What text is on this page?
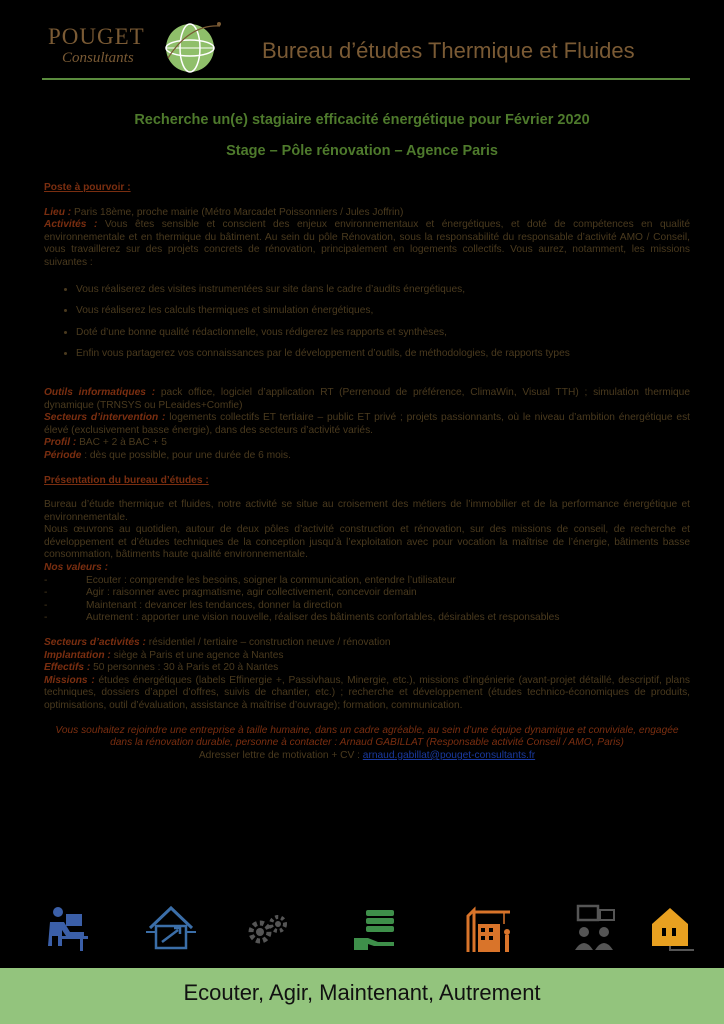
POUGET
Consultants	Bureau d’études Thermique et Fluides
Recherche un(e) stagiaire efficacité énergétique pour Février 2020
Stage – Pôle rénovation – Agence Paris

Poste à pourvoir :

Lieu : Paris 18ème, proche mairie (Métro Marcadet Poissonniers / Jules Joffrin)

Activités : Vous êtes sensible et conscient des enjeux environnementaux et énergétiques, et doté de compétences en qualité environnementale et en thermique du bâtiment. Au sein du pôle Rénovation, sous la responsabilité du responsable d’activité AMO / Conseil, vous travaillerez sur des projets concrets de rénovation, principalement en logements collectifs. Vous aurez, notamment, les missions suivantes :

• Vous réaliserez des visites instrumentées sur site dans le cadre d’audits énergétiques,
• Vous réaliserez les calculs thermiques et simulation énergétiques,
• Doté d’une bonne qualité rédactionnelle, vous rédigerez les rapports et synthèses,
• Enfin vous partagerez vos connaissances par le développement d’outils, de méthodologies, de rapports types

Outils informatiques : pack office, logiciel d’application RT (Perrenoud de préférence, ClimaWin, Visual TTH) ; simulation thermique dynamique (TRNSYS ou PLeaides+Comfie)

Secteurs d’intervention : logements collectifs ET tertiaire – public ET privé ; projets passionnants, où le niveau d’ambition énergétique est élevé (exclusivement basse énergie), dans des secteurs d’activité variés.

Profil : BAC + 2 à BAC + 5

Période : dès que possible, pour une durée de 6 mois.

Présentation du bureau d’études :

Bureau d’étude thermique et fluides, notre activité se situe au croisement des métiers de l’immobilier et de la performance énergétique et environnementale.

Nous œuvrons au quotidien, autour de deux pôles d’activité construction et rénovation, sur des missions de conseil, de recherche et développement et d’études techniques de la conception jusqu’à l’exploitation avec pour vocation la maîtrise de l’énergie, bâtiments basse consommation, bâtiments haute qualité environnementale.

Nos valeurs :

-	Ecouter : comprendre les besoins, soigner la communication, entendre l’utilisateur
-	Agir : raisonner avec pragmatisme, agir collectivement, concevoir demain
-	Maintenant : devancer les tendances, donner la direction
-	Autrement : apporter une vision nouvelle, réaliser des bâtiments confortables, désirables et responsables

Secteurs d’activités : résidentiel / tertiaire – construction neuve / rénovation

Implantation : siège à Paris et une agence à Nantes

Effectifs : 50 personnes : 30 à Paris et 20 à Nantes

Missions : études énergétiques (labels Effinergie +, Passivhaus, Minergie, etc.), missions d’ingénierie (avant-projet détaillé, descriptif, plans techniques, dossiers d’appel d’offres, suivis de chantier, etc.) ; recherche et développement (études technico-économiques de produits, optimisations, outil d’évaluation, assistance à maîtrise d’ouvrage); formation, communication.

Vous souhaitez rejoindre une entreprise à taille humaine, dans un cadre agréable, au sein d’une équipe dynamique et conviviale, engagée dans la rénovation durable, personne à contacter : Arnaud GABILLAT (Responsable activité Conseil / AMO, Paris)
Adresser lettre de motivation + CV : arnaud.gabillat@pouget-consultants.fr

Ecouter, Agir, Maintenant, Autrement
